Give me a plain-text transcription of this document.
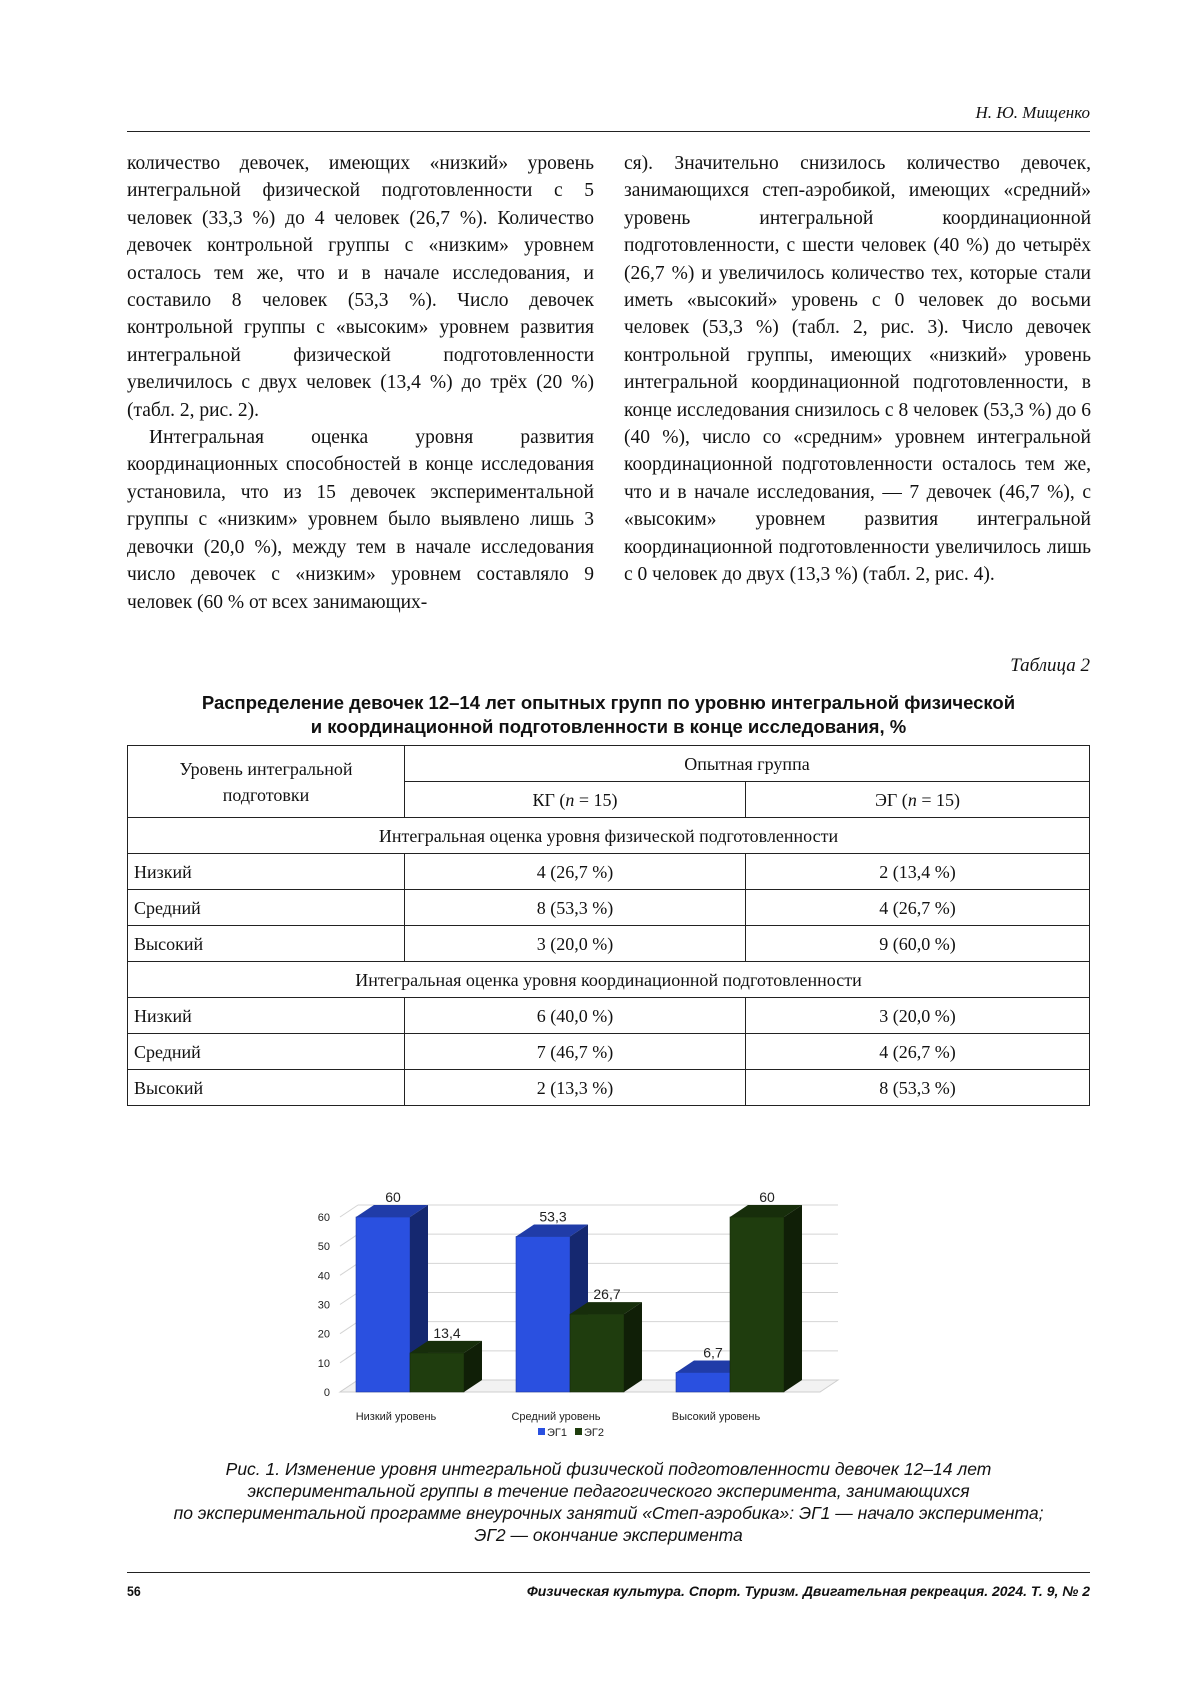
Н. Ю. Мищенко

количество девочек, имеющих «низкий» уровень интегральной физической подготовленности с 5 человек (33,3 %) до 4 человек (26,7 %). Количество девочек контрольной группы с «низким» уровнем осталось тем же, что и в начале исследования, и составило 8 человек (53,3 %). Число девочек контрольной группы с «высоким» уровнем развития интегральной физической подготовленности увеличилось с двух человек (13,4 %) до трёх (20 %) (табл. 2, рис. 2).

Интегральная оценка уровня развития координационных способностей в конце исследования установила, что из 15 девочек экспериментальной группы с «низким» уровнем было выявлено лишь 3 девочки (20,0 %), между тем в начале исследования число девочек с «низким» уровнем составляло 9 человек (60 % от всех занимающих-

ся). Значительно снизилось количество девочек, занимающихся степ-аэробикой, имеющих «средний» уровень интегральной координационной подготовленности, с шести человек (40 %) до четырёх (26,7 %) и увеличилось количество тех, которые стали иметь «высокий» уровень с 0 человек до восьми человек (53,3 %) (табл. 2, рис. 3). Число девочек контрольной группы, имеющих «низкий» уровень интегральной координационной подготовленности, в конце исследования снизилось с 8 человек (53,3 %) до 6 (40 %), число со «средним» уровнем интегральной координационной подготовленности осталось тем же, что и в начале исследования, — 7 девочек (46,7 %), с «высоким» уровнем развития интегральной координационной подготовленности увеличилось лишь с 0 человек до двух (13,3 %) (табл. 2, рис. 4).

Таблица 2
Распределение девочек 12–14 лет опытных групп по уровню интегральной физической
и координационной подготовленности в конце исследования, %
Уровень интегральной
подготовки	Опытная группа	
	КГ (n = 15)	ЭГ (n = 15)
Интегральная оценка уровня физической подготовленности		
Низкий	4 (26,7 %)	2 (13,4 %)
Средний	8 (53,3 %)	4 (26,7 %)
Высокий	3 (20,0 %)	9 (60,0 %)
Интегральная оценка уровня координационной подготовленности		
Низкий	6 (40,0 %)	3 (20,0 %)
Средний	7 (46,7 %)	4 (26,7 %)
Высокий	2 (13,3 %)	8 (53,3 %)
0
10
20
30
40
50
60
60
13,4
Низкий уровень
53,3
26,7
Средний уровень
6,7
60
Высокий уровень
ЭГ1 ЭГ2
Рис. 1. Изменение уровня интегральной физической подготовленности девочек 12–14 лет
экспериментальной группы в течение педагогического эксперимента, занимающихся
по экспериментальной программе внеурочных занятий «Степ-аэробика»: ЭГ1 — начало эксперимента;
ЭГ2 — окончание эксперимента
56	Физическая культура. Спорт. Туризм. Двигательная рекреация. 2024. Т. 9, № 2
